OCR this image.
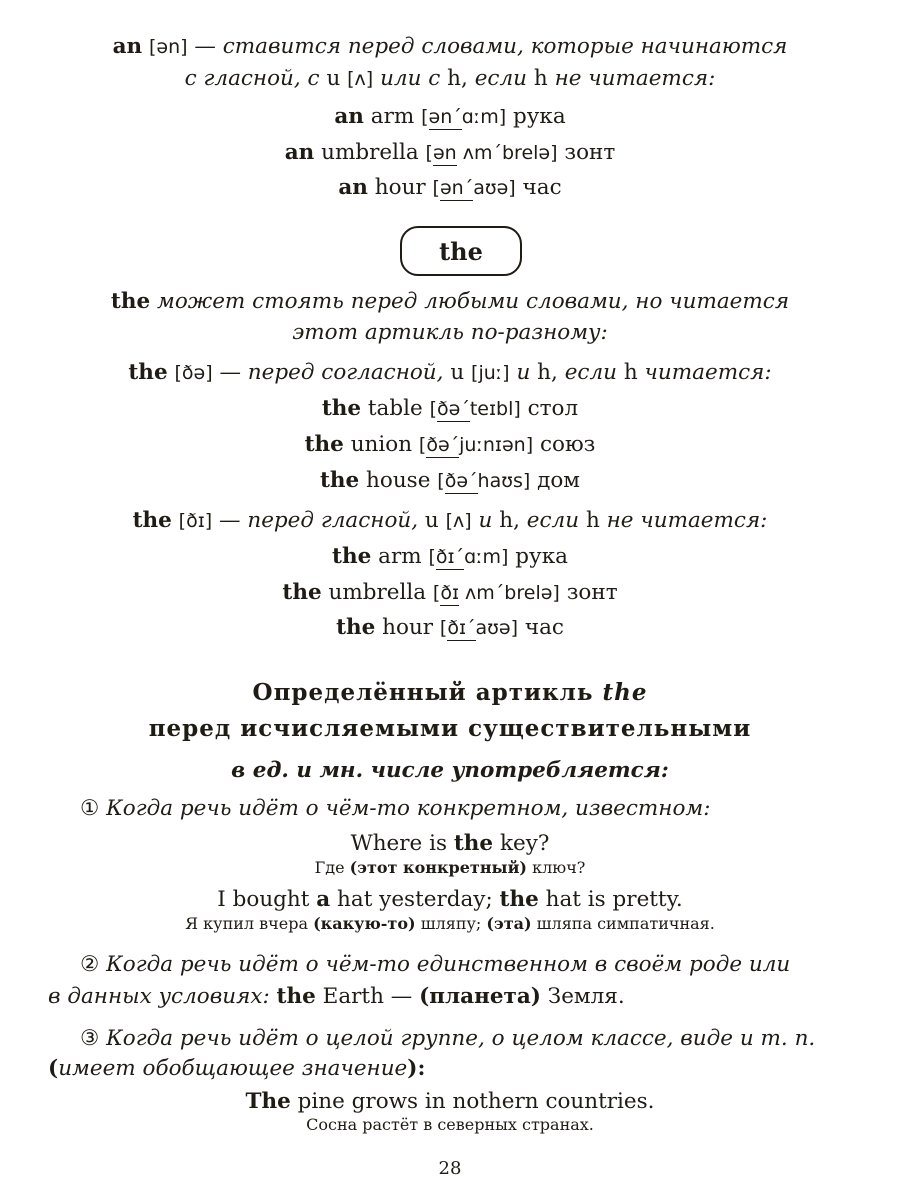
an [ən] — ставится перед словами, которые начинаются
с гласной, с u [ʌ] или с h, если h не читается:
an arm [ən´ɑːm] рука
an umbrella [ən ʌm´brelə] зонт
an hour [ən´aʊə] час
the
the может стоять перед любыми словами, но читается
этот артикль по-разному:
the [ðə] — перед согласной, u [juː] и h, если h читается:
the table [ðə´teɪbl] стол
the union [ðə´juːnɪən] союз
the house [ðə´haʊs] дом
the [ðɪ] — перед гласной, u [ʌ] и h, если h не читается:
the arm [ðɪ´ɑːm] рука
the umbrella [ðɪ ʌm´brelə] зонт
the hour [ðɪ´aʊə] час
Определённый артикль the
перед исчисляемыми существительными
в ед. и мн. числе употребляется:
① Когда речь идёт о чём-то конкретном, известном:
Where is the key?
Где (этот конкретный) ключ?
I bought a hat yesterday; the hat is pretty.
Я купил вчера (какую-то) шляпу; (эта) шляпа симпатичная.
② Когда речь идёт о чём-то единственном в своём роде или
в данных условиях: the Earth — (планета) Земля.
③ Когда речь идёт о целой группе, о целом классе, виде и т. п.
(имеет обобщающее значение):
The pine grows in nothern countries.
Сосна растёт в северных странах.
28
